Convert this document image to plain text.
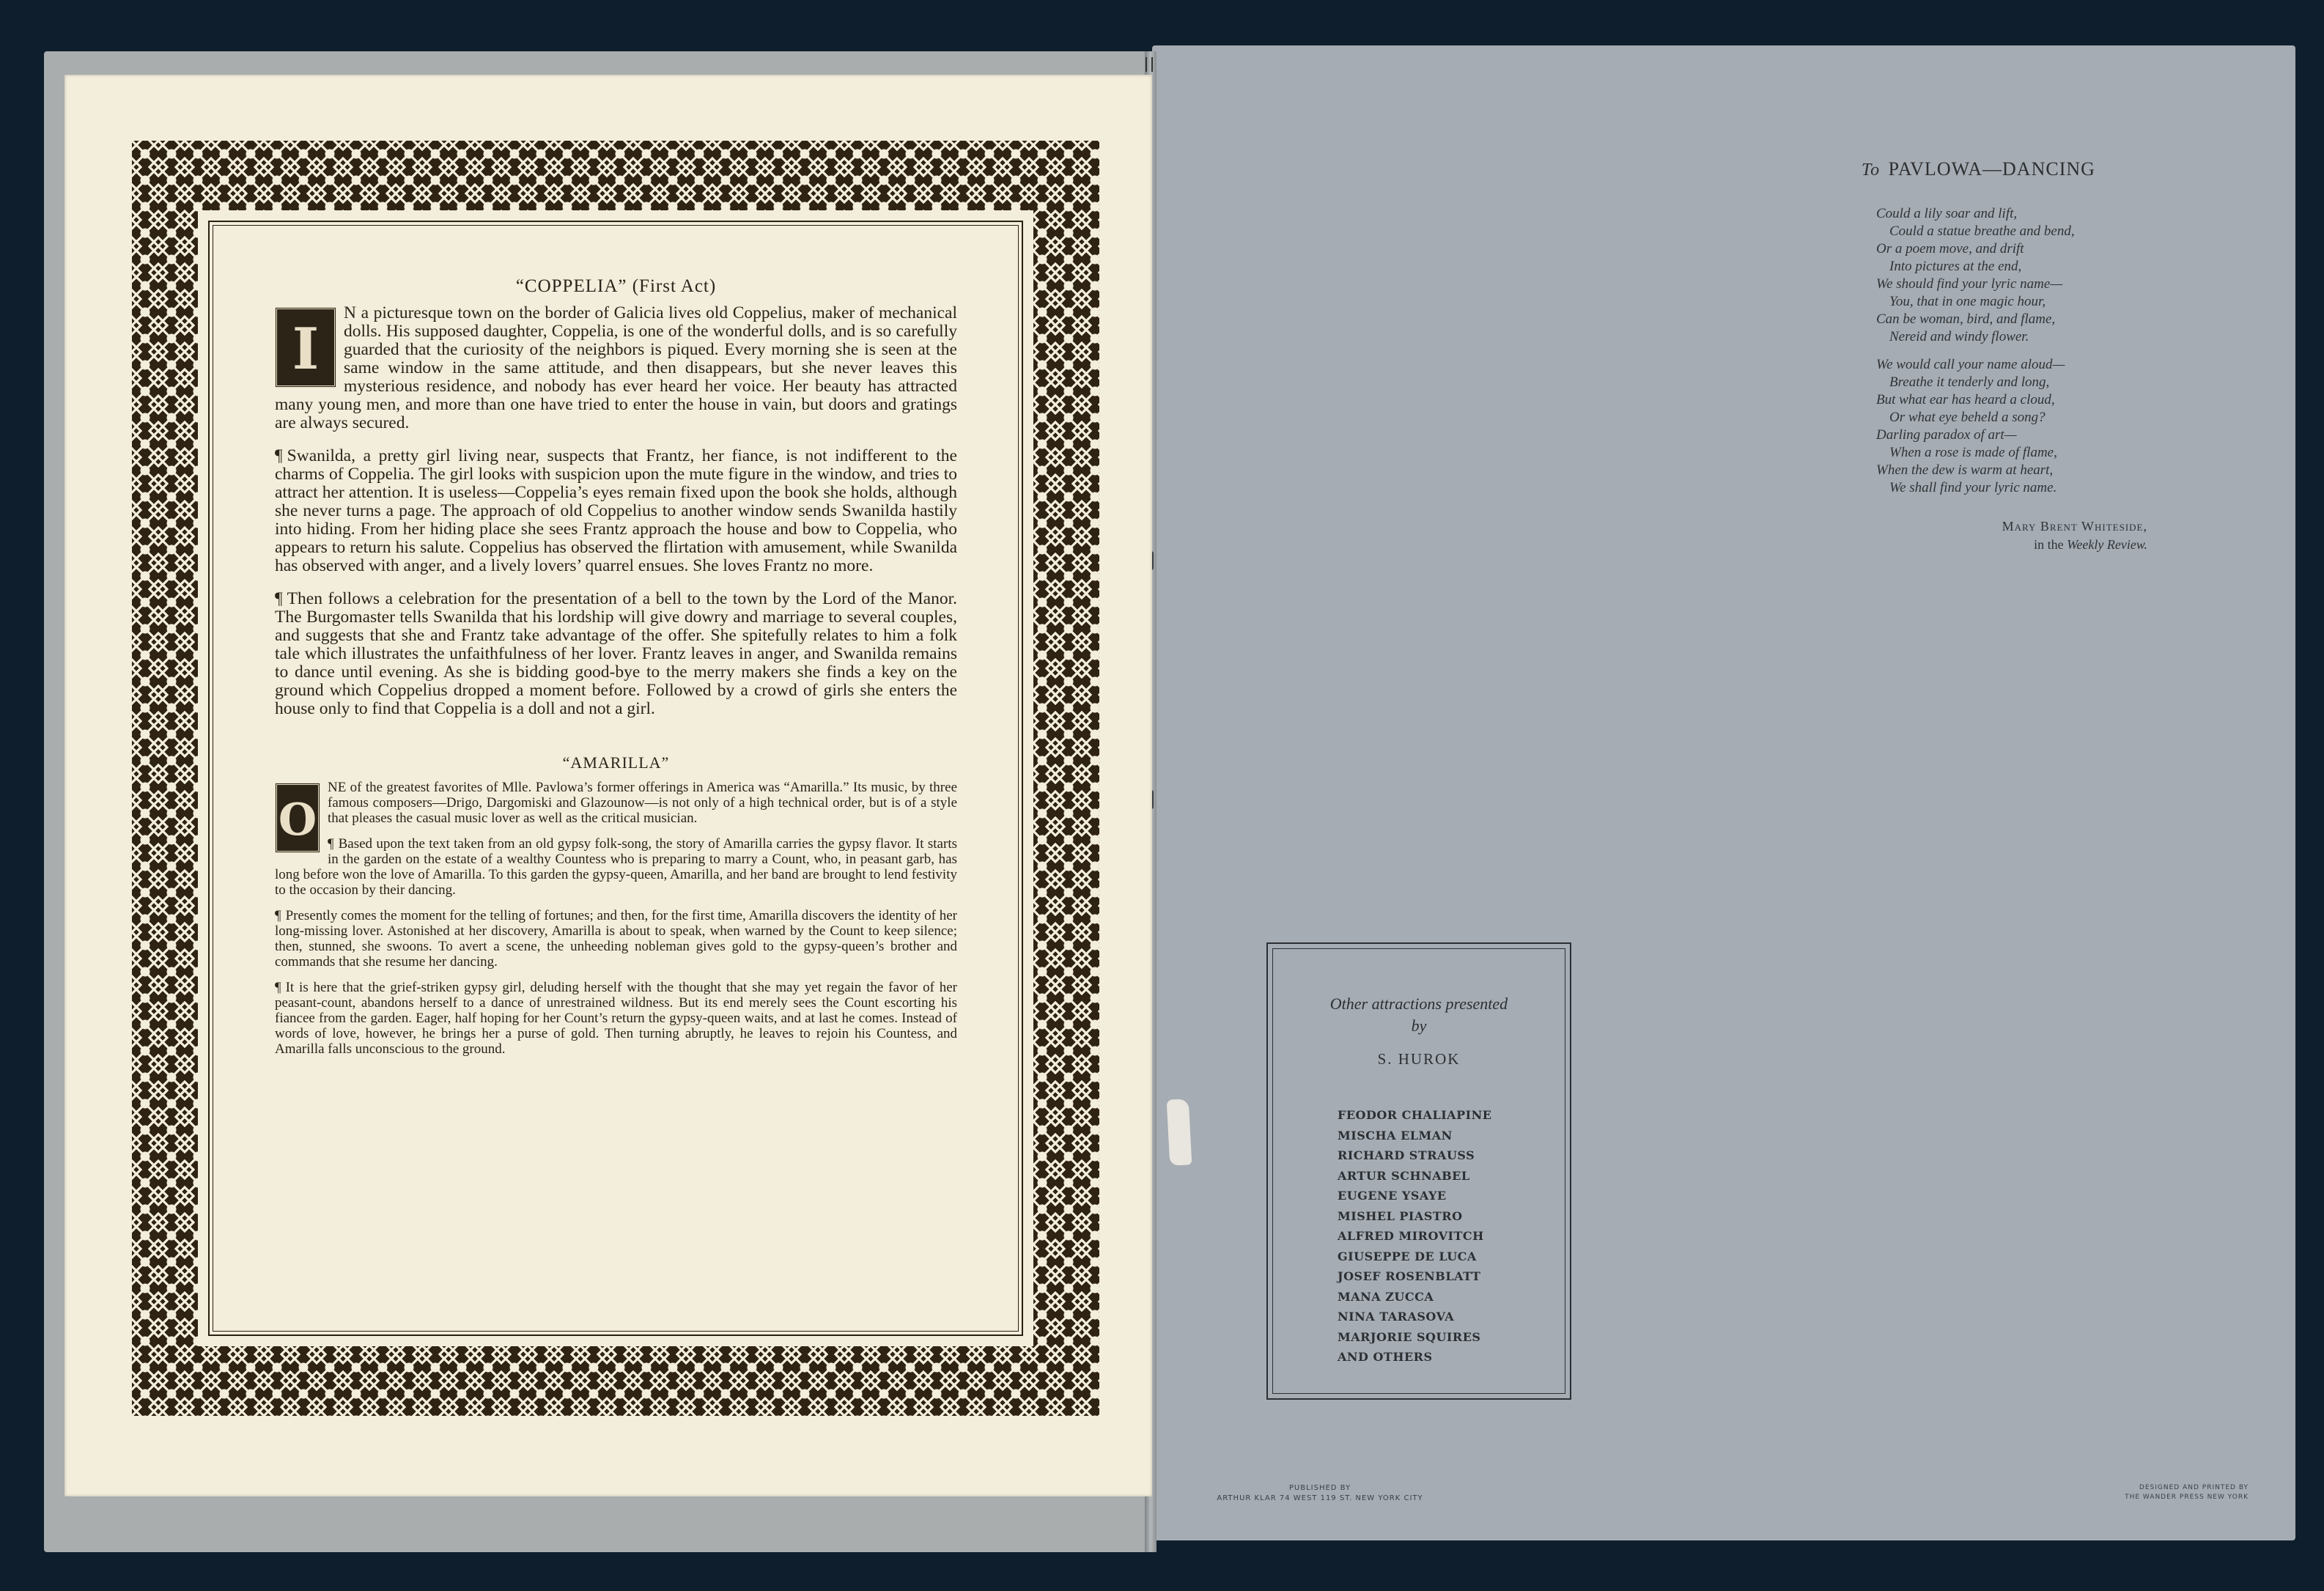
“COPPELIA” (First Act)
I
N a picturesque town on the border of Galicia lives old Coppelius, maker of mechanical dolls. His supposed daughter, Coppelia, is one of the wonderful dolls, and is so carefully guarded that the curiosity of the neighbors is piqued. Every morning she is seen at the same window in the same attitude, and then disappears, but she never leaves this mysterious residence, and nobody has ever heard her voice. Her beauty has attracted many young men, and more than one have tried to enter the house in vain, but doors and gratings are always secured.
¶ Swanilda, a pretty girl living near, suspects that Frantz, her fiance, is not indifferent to the charms of Coppelia. The girl looks with suspicion upon the mute figure in the window, and tries to attract her attention. It is useless—Coppelia’s eyes remain fixed upon the book she holds, although she never turns a page. The approach of old Coppelius to another window sends Swanilda hastily into hiding. From her hiding place she sees Frantz approach the house and bow to Coppelia, who appears to return his salute. Coppelius has observed the flirtation with amusement, while Swanilda has observed with anger, and a lively lovers’ quarrel ensues. She loves Frantz no more.
¶ Then follows a celebration for the presentation of a bell to the town by the Lord of the Manor. The Burgomaster tells Swanilda that his lordship will give dowry and marriage to several couples, and suggests that she and Frantz take advantage of the offer. She spitefully relates to him a folk tale which illustrates the unfaithfulness of her lover. Frantz leaves in anger, and Swanilda remains to dance until evening. As she is bidding good-bye to the merry makers she finds a key on the ground which Coppelius dropped a moment before. Followed by a crowd of girls she enters the house only to find that Coppelia is a doll and not a girl.
“AMARILLA”
O
NE of the greatest favorites of Mlle. Pavlowa’s former offerings in America was “Amarilla.” Its music, by three famous composers—Drigo, Dargomiski and Glazounow—is not only of a high technical order, but is of a style that pleases the casual music lover as well as the critical musician.
¶ Based upon the text taken from an old gypsy folk-song, the story of Amarilla carries the gypsy flavor. It starts in the garden on the estate of a wealthy Countess who is preparing to marry a Count, who, in peasant garb, has long before won the love of Amarilla. To this garden the gypsy-queen, Amarilla, and her band are brought to lend festivity to the occasion by their dancing.
¶ Presently comes the moment for the telling of fortunes; and then, for the first time, Amarilla discovers the identity of her long-missing lover. Astonished at her discovery, Amarilla is about to speak, when warned by the Count to keep silence; then, stunned, she swoons. To avert a scene, the unheeding nobleman gives gold to the gypsy-queen’s brother and commands that she resume her dancing.
¶ It is here that the grief-striken gypsy girl, deluding herself with the thought that she may yet regain the favor of her peasant-count, abandons herself to a dance of unrestrained wildness. But its end merely sees the Count escorting his fiancee from the garden. Eager, half hoping for her Count’s return the gypsy-queen waits, and at last he comes. Instead of words of love, however, he brings her a purse of gold. Then turning abruptly, he leaves to rejoin his Countess, and Amarilla falls unconscious to the ground.
To PAVLOWA—DANCING
Could a lily soar and lift,
Could a statue breathe and bend,
Or a poem move, and drift
Into pictures at the end,
We should find your lyric name—
You, that in one magic hour,
Can be woman, bird, and flame,
Nereid and windy flower.
We would call your name aloud—
Breathe it tenderly and long,
But what ear has heard a cloud,
Or what eye beheld a song?
Darling paradox of art—
When a rose is made of flame,
When the dew is warm at heart,
We shall find your lyric name.
Mary Brent Whiteside,
in the Weekly Review.
Other attractions presented
by
S. HUROK
FEODOR CHALIAPINE
MISCHA ELMAN
RICHARD STRAUSS
ARTUR SCHNABEL
EUGENE YSAYE
MISHEL PIASTRO
ALFRED MIROVITCH
GIUSEPPE DE LUCA
JOSEF ROSENBLATT
MANA ZUCCA
NINA TARASOVA
MARJORIE SQUIRES
AND OTHERS
PUBLISHED BY
ARTHUR KLAR 74 WEST 119 ST. NEW YORK CITY
DESIGNED AND PRINTED BY
THE WANDER PRESS NEW YORK
